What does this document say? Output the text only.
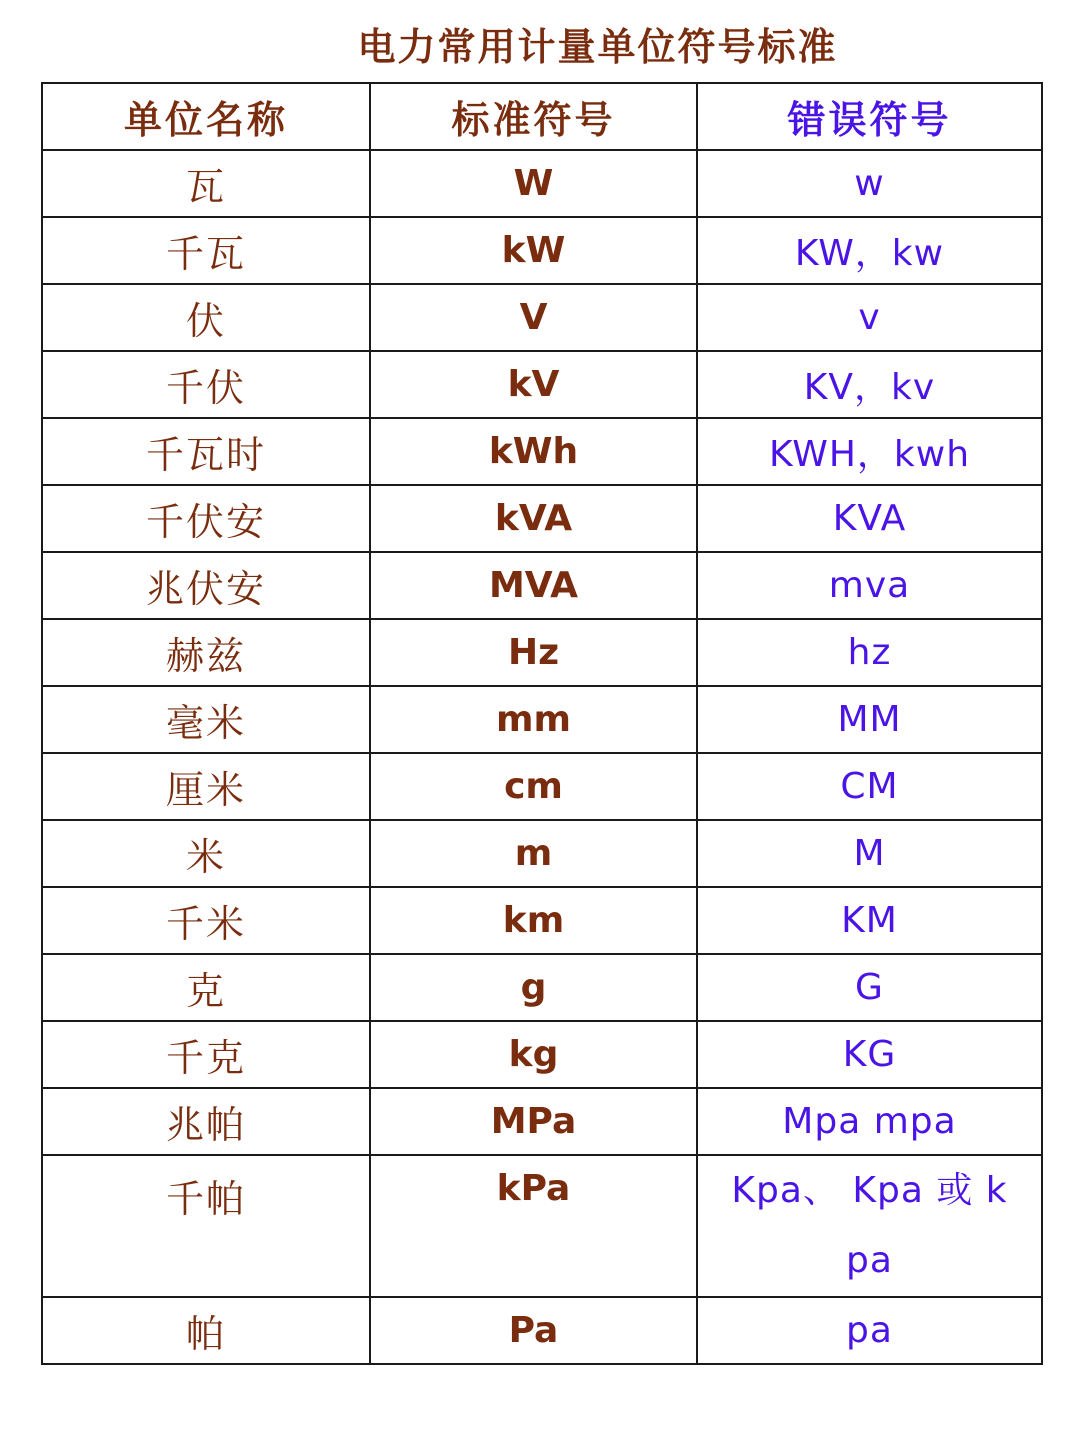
电力常用计量单位符号标准
单位名称	标准符号	错误符号
瓦	W	w
千瓦	kW	KW，kw
伏	V	v
千伏	kV	KV，kv
千瓦时	kWh	KWH，kwh
千伏安	kVA	KVA
兆伏安	MVA	mva
赫兹	Hz	hz
毫米	mm	MM
厘米	cm	CM
米	m	M
千米	km	KM
克	g	G
千克	kg	KG
兆帕	MPa	Mpa mpa
千帕	kPa	Kpa、 Kpa 或 k pa
帕	Pa	pa
